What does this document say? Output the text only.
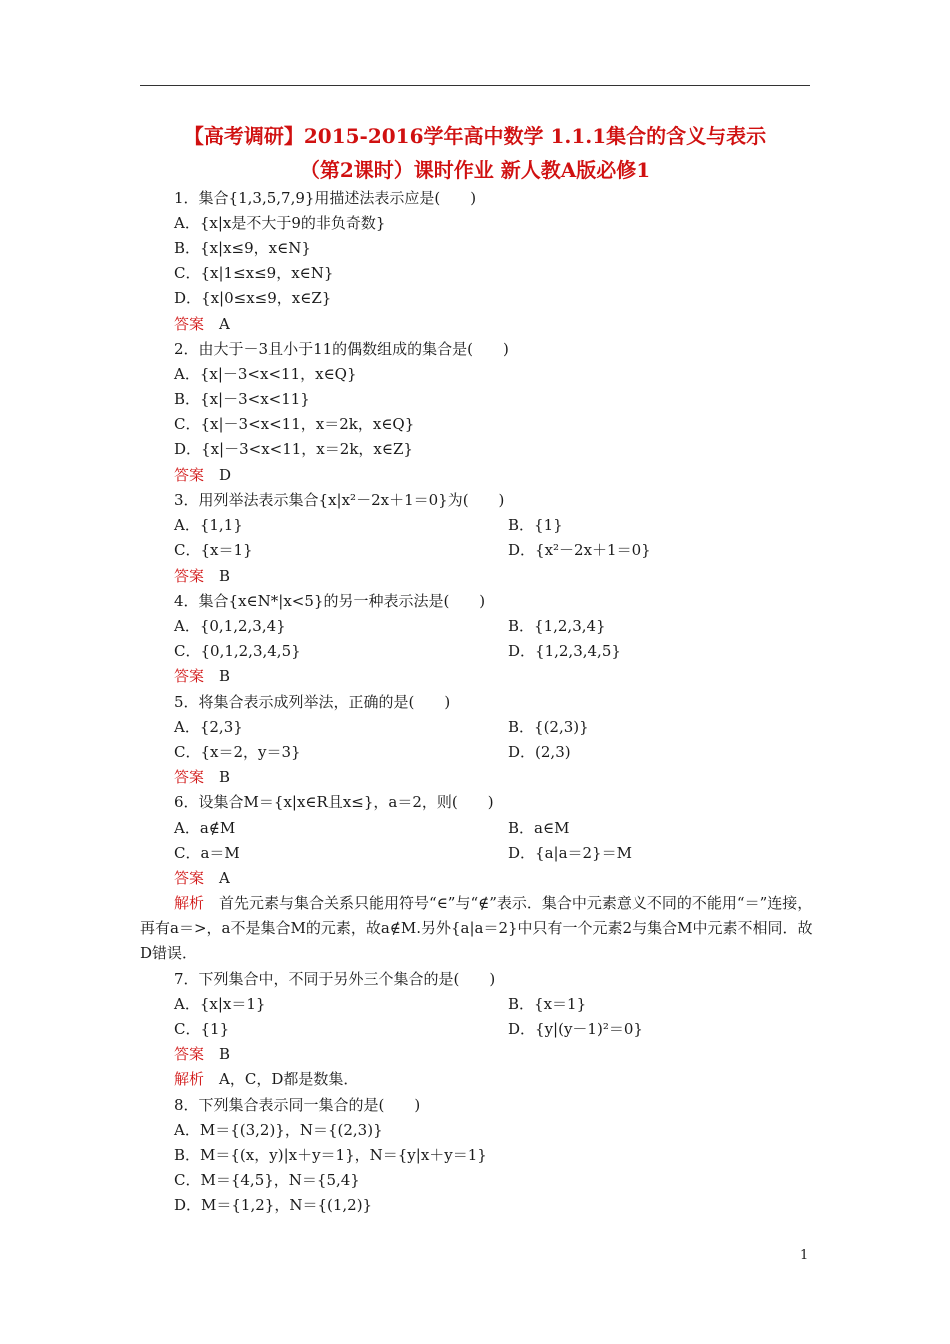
【高考调研】2015-2016学年高中数学 1.1.1集合的含义与表示
（第2课时）课时作业 新人教A版必修1
1．集合{1,3,5,7,9}用描述法表示应是(　　)
A．{x|x是不大于9的非负奇数}
B．{x|x≤9，x∈N}
C．{x|1≤x≤9，x∈N}
D．{x|0≤x≤9，x∈Z}
答案　 A
2．由大于－3且小于11的偶数组成的集合是(　　)
A．{x|－3<x<11，x∈Q}
B．{x|－3<x<11}
C．{x|－3<x<11，x＝2k，x∈Q}
D．{x|－3<x<11，x＝2k，x∈Z}
答案　 D
3．用列举法表示集合{x|x²－2x＋1＝0}为(　　)
A．{1,1}	B．{1}
C．{x＝1}	D．{x²－2x＋1＝0}
答案　 B
4．集合{x∈N*|x<5}的另一种表示法是(　　)
A．{0,1,2,3,4}	B．{1,2,3,4}
C．{0,1,2,3,4,5}	D．{1,2,3,4,5}
答案　 B
5．将集合表示成列举法，正确的是(　　)
A．{2,3}	B．{(2,3)}
C．{x＝2，y＝3}	D．(2,3)
答案　 B
6．设集合M＝{x|x∈R且x≤}，a＝2，则(　　)
A．a∉M	B．a∈M
C．a＝M	D．{a|a＝2}＝M
答案　 A
解析　 首先元素与集合关系只能用符号“∈”与“∉”表示．集合中元素意义不同的不能用“＝”连接，再有a＝>，a不是集合M的元素，故a∉M.另外{a|a＝2}中只有一个元素2与集合M中元素不相同．故D错误．
7．下列集合中，不同于另外三个集合的是(　　)
A．{x|x＝1}	B．{x＝1}
C．{1}	D．{y|(y－1)²＝0}
答案　 B
解析　 A，C，D都是数集．
8．下列集合表示同一集合的是(　　)
A．M＝{(3,2)}，N＝{(2,3)}
B．M＝{(x，y)|x＋y＝1}，N＝{y|x＋y＝1}
C．M＝{4,5}，N＝{5,4}
D．M＝{1,2}，N＝{(1,2)}
1
